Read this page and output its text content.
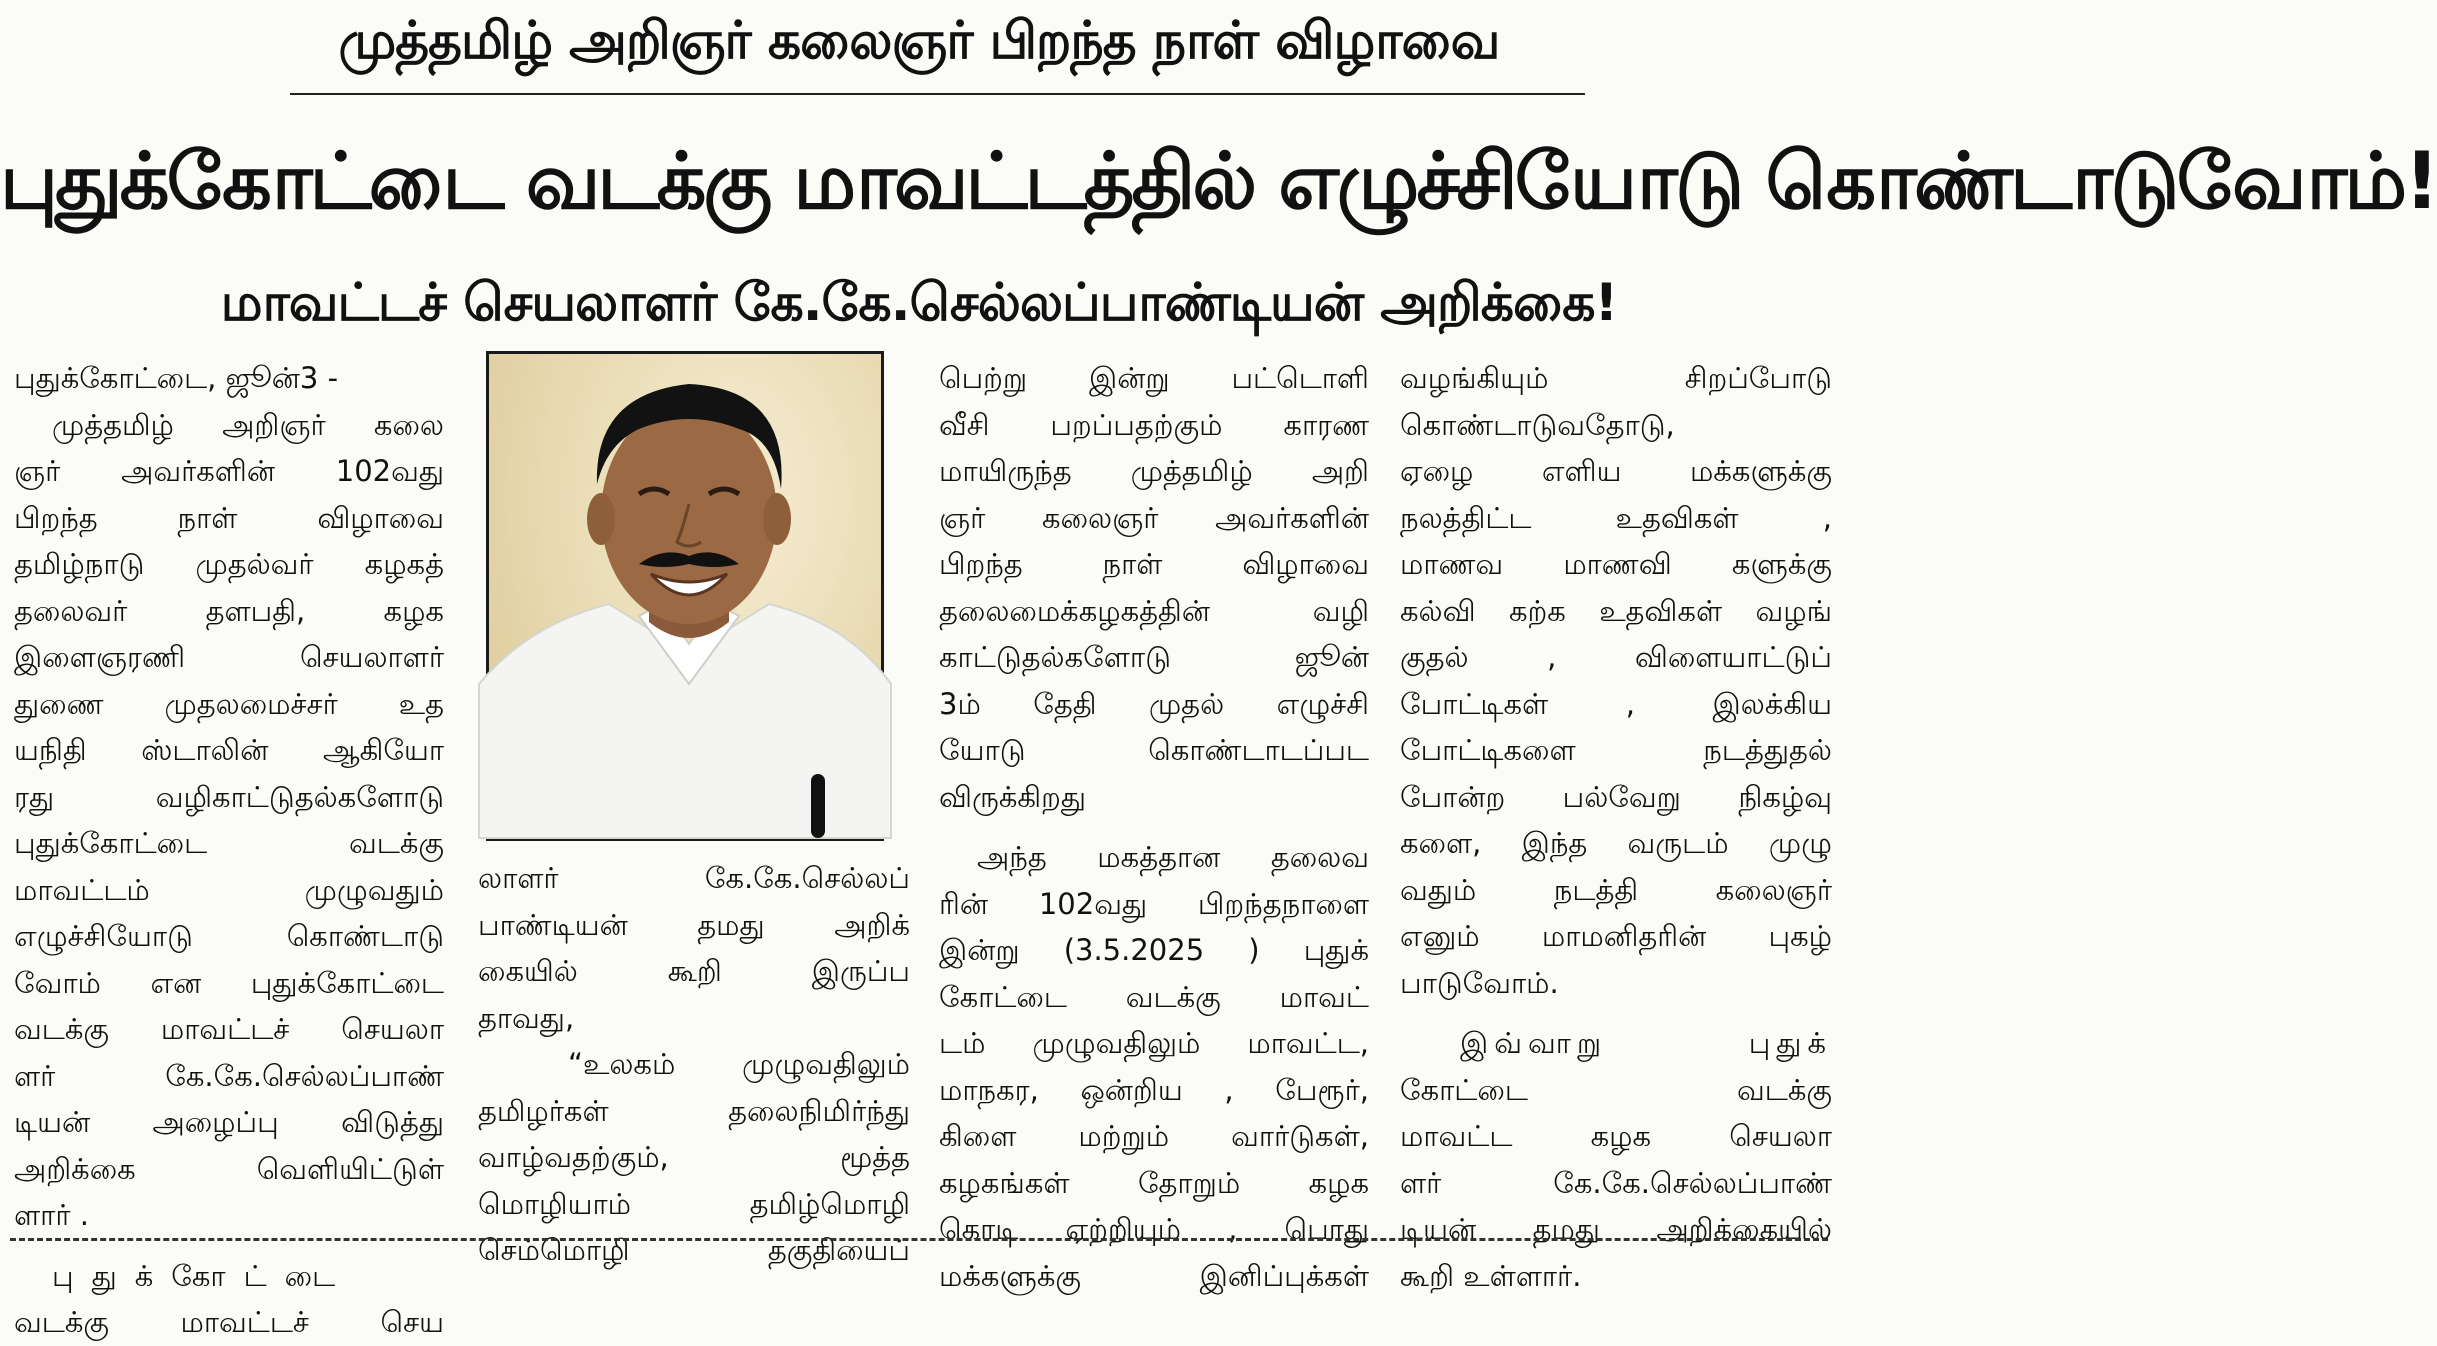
முத்தமிழ் அறிஞர் கலைஞர் பிறந்த நாள் விழாவை
புதுக்கோட்டை வடக்கு மாவட்டத்தில் எழுச்சியோடு கொண்டாடுவோம்!
மாவட்டச் செயலாளர் கே.கே.செல்லப்பாண்டியன் அறிக்கை!
புதுக்கோட்டை, ஜூன்3 -
முத்தமிழ் அறிஞர் கலை
ஞர் அவர்களின் 102வது
பிறந்த நாள் விழாவை
தமிழ்நாடு முதல்வர் கழகத்
தலைவர் தளபதி, கழக
இளைஞரணி செயலாளர்
துணை முதலமைச்சர் உத
யநிதி ஸ்டாலின் ஆகியோ
ரது வழிகாட்டுதல்களோடு
புதுக்கோட்டை வடக்கு
மாவட்டம் முழுவதும்
எழுச்சியோடு கொண்டாடு
வோம் என புதுக்கோட்டை
வடக்கு மாவட்டச் செயலா
ளர் கே.கே.செல்லப்பாண்
டியன் அழைப்பு விடுத்து
அறிக்கை வெளியிட்டுள்
ளார் .
புதுக்கோட்டை
வடக்கு மாவட்டச் செய
லாளர் கே.கே.செல்லப்
பாண்டியன் தமது அறிக்
கையில் கூறி இருப்ப
தாவது,
“உலகம் முழுவதிலும்
தமிழர்கள் தலைநிமிர்ந்து
வாழ்வதற்கும், மூத்த
மொழியாம் தமிழ்மொழி
செம்மொழி தகுதியைப்
பெற்று இன்று பட்டொளி
வீசி பறப்பதற்கும் காரண
மாயிருந்த முத்தமிழ் அறி
ஞர் கலைஞர் அவர்களின்
பிறந்த நாள் விழாவை
தலைமைக்கழகத்தின் வழி
காட்டுதல்களோடு ஜூன்
3ம் தேதி முதல் எழுச்சி
யோடு கொண்டாடப்பட
விருக்கிறது
அந்த மகத்தான தலைவ
ரின் 102வது பிறந்தநாளை
இன்று (3.5.2025 ) புதுக்
கோட்டை வடக்கு மாவட்
டம் முழுவதிலும் மாவட்ட,
மாநகர, ஒன்றிய , பேரூர்,
கிளை மற்றும் வார்டுகள்,
கழகங்கள் தோறும் கழக
கொடி ஏற்றியும் , பொது
மக்களுக்கு இனிப்புக்கள்
வழங்கியும் சிறப்போடு
கொண்டாடுவதோடு,
ஏழை எளிய மக்களுக்கு
நலத்திட்ட உதவிகள் ,
மாணவ மாணவி களுக்கு
கல்வி கற்க உதவிகள் வழங்
குதல் , விளையாட்டுப்
போட்டிகள் , இலக்கிய
போட்டிகளை நடத்துதல்
போன்ற பல்வேறு நிகழ்வு
களை, இந்த வருடம் முழு
வதும் நடத்தி கலைஞர்
எனும் மாமனிதரின் புகழ்
பாடுவோம்.
இவ்வாறு புதுக்
கோட்டை வடக்கு
மாவட்ட கழக செயலா
ளர் கே.கே.செல்லப்பாண்
டியன் தமது அறிக்கையில்
கூறி உள்ளார்.
